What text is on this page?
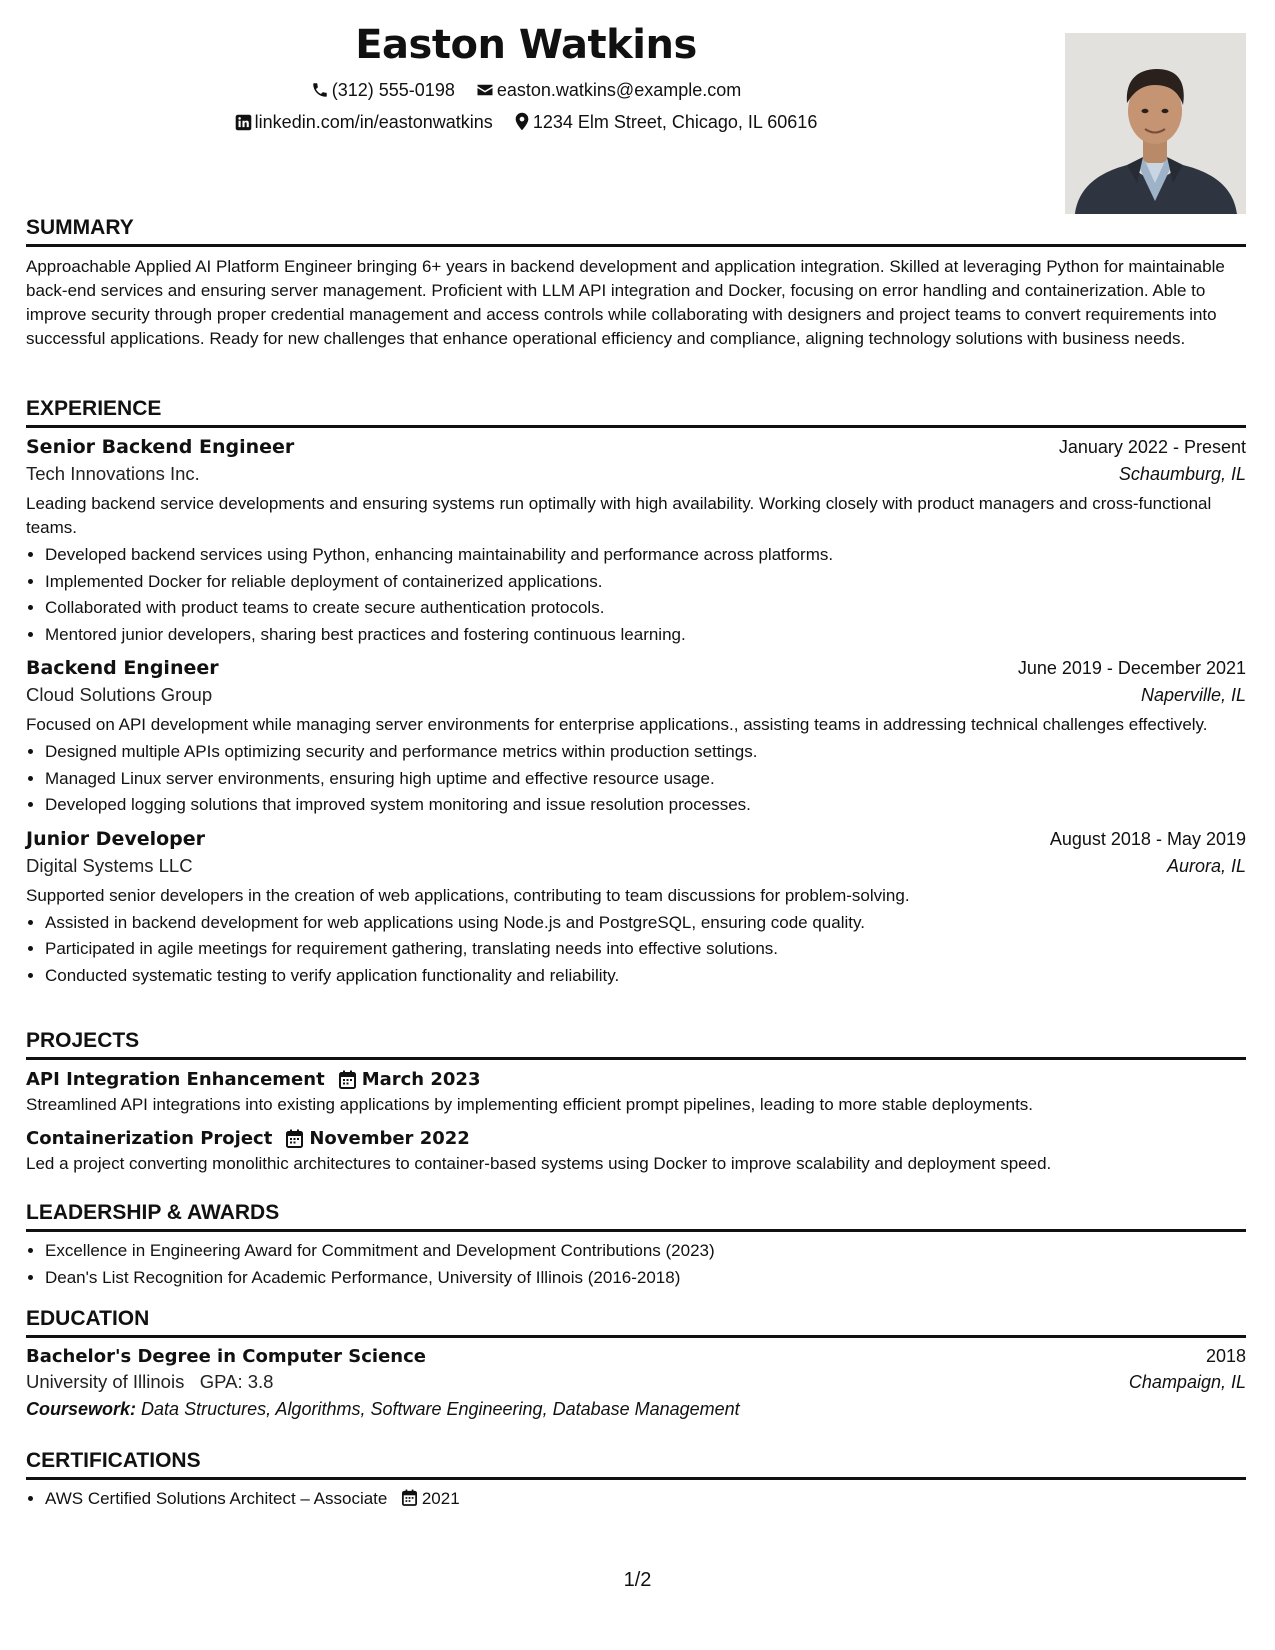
Easton Watkins
(312) 555-0198 easton.watkins@example.com
linkedin.com/in/eastonwatkins 1234 Elm Street, Chicago, IL 60616
SUMMARY
Approachable Applied AI Platform Engineer bringing 6+ years in backend development and application integration. Skilled at leveraging Python for maintainable back-end services and ensuring server management. Proficient with LLM API integration and Docker, focusing on error handling and containerization. Able to improve security through proper credential management and access controls while collaborating with designers and project teams to convert requirements into successful applications. Ready for new challenges that enhance operational efficiency and compliance, aligning technology solutions with business needs.
EXPERIENCE
Senior Backend Engineer	January 2022 - Present
Tech Innovations Inc.	Schaumburg, IL
Leading backend service developments and ensuring systems run optimally with high availability. Working closely with product managers and cross-functional teams.
• Developed backend services using Python, enhancing maintainability and performance across platforms.
• Implemented Docker for reliable deployment of containerized applications.
• Collaborated with product teams to create secure authentication protocols.
• Mentored junior developers, sharing best practices and fostering continuous learning.
Backend Engineer	June 2019 - December 2021
Cloud Solutions Group	Naperville, IL
Focused on API development while managing server environments for enterprise applications., assisting teams in addressing technical challenges effectively.
• Designed multiple APIs optimizing security and performance metrics within production settings.
• Managed Linux server environments, ensuring high uptime and effective resource usage.
• Developed logging solutions that improved system monitoring and issue resolution processes.
Junior Developer	August 2018 - May 2019
Digital Systems LLC	Aurora, IL
Supported senior developers in the creation of web applications, contributing to team discussions for problem-solving.
• Assisted in backend development for web applications using Node.js and PostgreSQL, ensuring code quality.
• Participated in agile meetings for requirement gathering, translating needs into effective solutions.
• Conducted systematic testing to verify application functionality and reliability.
PROJECTS
API Integration Enhancement March 2023
Streamlined API integrations into existing applications by implementing efficient prompt pipelines, leading to more stable deployments.
Containerization Project November 2022
Led a project converting monolithic architectures to container-based systems using Docker to improve scalability and deployment speed.
LEADERSHIP & AWARDS
• Excellence in Engineering Award for Commitment and Development Contributions (2023)
• Dean's List Recognition for Academic Performance, University of Illinois (2016-2018)
EDUCATION
Bachelor's Degree in Computer Science	2018
University of Illinois GPA: 3.8	Champaign, IL
Coursework: Data Structures, Algorithms, Software Engineering, Database Management
CERTIFICATIONS
• AWS Certified Solutions Architect – Associate 2021
1/2
